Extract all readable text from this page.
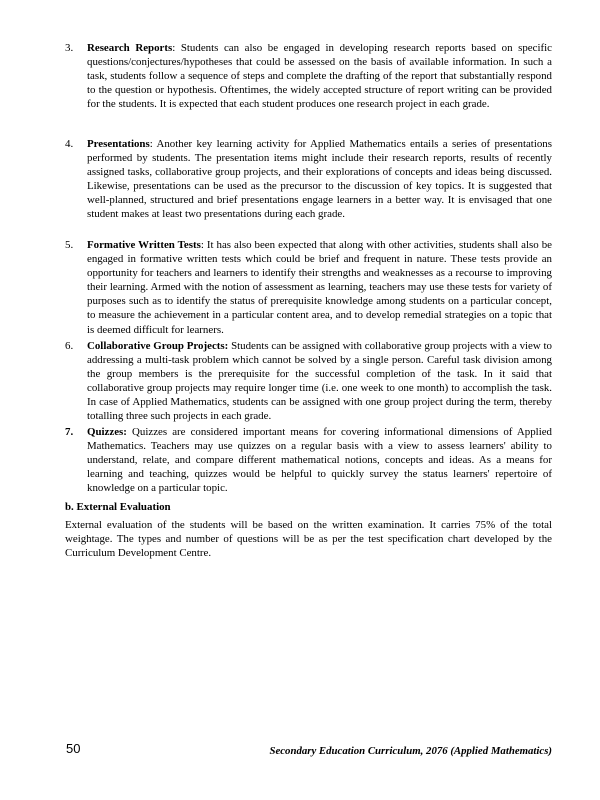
3. Research Reports: Students can also be engaged in developing research reports based on specific questions/conjectures/hypotheses that could be assessed on the basis of available information. In such a task, students follow a sequence of steps and complete the drafting of the report that substantially respond to the question or hypothesis. Oftentimes, the widely accepted structure of report writing can be provided for the students. It is expected that each student produces one research project in each grade.
4. Presentations: Another key learning activity for Applied Mathematics entails a series of presentations performed by students. The presentation items might include their research reports, results of recently assigned tasks, collaborative group projects, and their explorations of concepts and ideas being discussed. Likewise, presentations can be used as the precursor to the discussion of key topics. It is suggested that well-planned, structured and brief presentations engage learners in a better way. It is envisaged that one student makes at least two presentations during each grade.
5. Formative Written Tests: It has also been expected that along with other activities, students shall also be engaged in formative written tests which could be brief and frequent in nature. These tests provide an opportunity for teachers and learners to identify their strengths and weaknesses as a recourse to improving their learning. Armed with the notion of assessment as learning, teachers may use these tests for variety of purposes such as to identify the status of prerequisite knowledge among students on a particular concept, to measure the achievement in a particular content area, and to develop remedial strategies on a topic that is deemed difficult for learners.
6. Collaborative Group Projects: Students can be assigned with collaborative group projects with a view to addressing a multi-task problem which cannot be solved by a single person. Careful task division among the group members is the prerequisite for the successful completion of the task. In it said that collaborative group projects may require longer time (i.e. one week to one month) to accomplish the task. In case of Applied Mathematics, students can be assigned with one group project during the term, thereby totalling three such projects in each grade.
7. Quizzes: Quizzes are considered important means for covering informational dimensions of Applied Mathematics. Teachers may use quizzes on a regular basis with a view to assess learners' ability to understand, relate, and compare different mathematical notions, concepts and ideas. As a means for learning and teaching, quizzes would be helpful to quickly survey the status learners' repertoire of knowledge on a particular topic.
b. External Evaluation
External evaluation of the students will be based on the written examination. It carries 75% of the total weightage. The types and number of questions will be as per the test specification chart developed by the Curriculum Development Centre.
50	Secondary Education Curriculum, 2076 (Applied Mathematics)
